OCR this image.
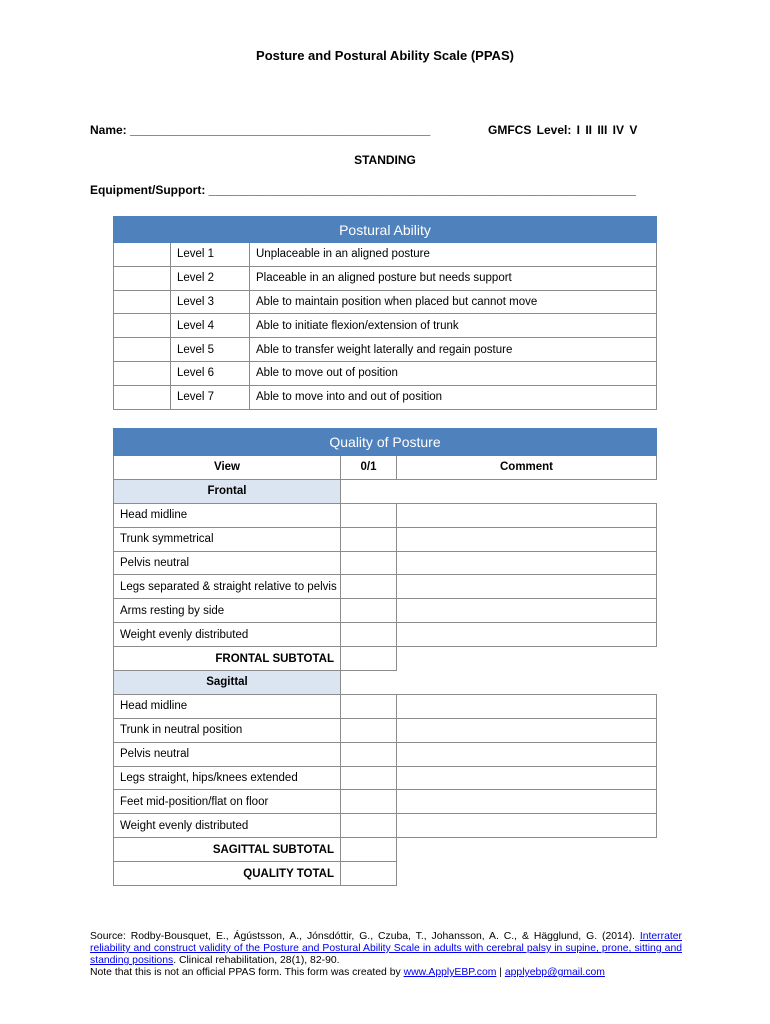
Posture and Postural Ability Scale (PPAS)
Name: _____________________________________________	GMFCS Level: I II III IV V
STANDING
Equipment/Support: ________________________________________________________________
Postural Ability		
	Level 1	Unplaceable in an aligned posture
	Level 2	Placeable in an aligned posture but needs support
	Level 3	Able to maintain position when placed but cannot move
	Level 4	Able to initiate flexion/extension of trunk
	Level 5	Able to transfer weight laterally and regain posture
	Level 6	Able to move out of position
	Level 7	Able to move into and out of position
Quality of Posture		
View	0/1	Comment
Frontal		
Head midline		
Trunk symmetrical		
Pelvis neutral		
Legs separated & straight relative to pelvis		
Arms resting by side		
Weight evenly distributed		
FRONTAL SUBTOTAL		
Sagittal		
Head midline		
Trunk in neutral position		
Pelvis neutral		
Legs straight, hips/knees extended		
Feet mid-position/flat on floor		
Weight evenly distributed		
SAGITTAL SUBTOTAL		
QUALITY TOTAL		
Source: Rodby-Bousquet, E., Ágústsson, A., Jónsdóttir, G., Czuba, T., Johansson, A. C., & Hägglund, G. (2014). Interrater reliability and construct validity of the Posture and Postural Ability Scale in adults with cerebral palsy in supine, prone, sitting and standing positions. Clinical rehabilitation, 28(1), 82-90.
Note that this is not an official PPAS form. This form was created by www.ApplyEBP.com | applyebp@gmail.com
